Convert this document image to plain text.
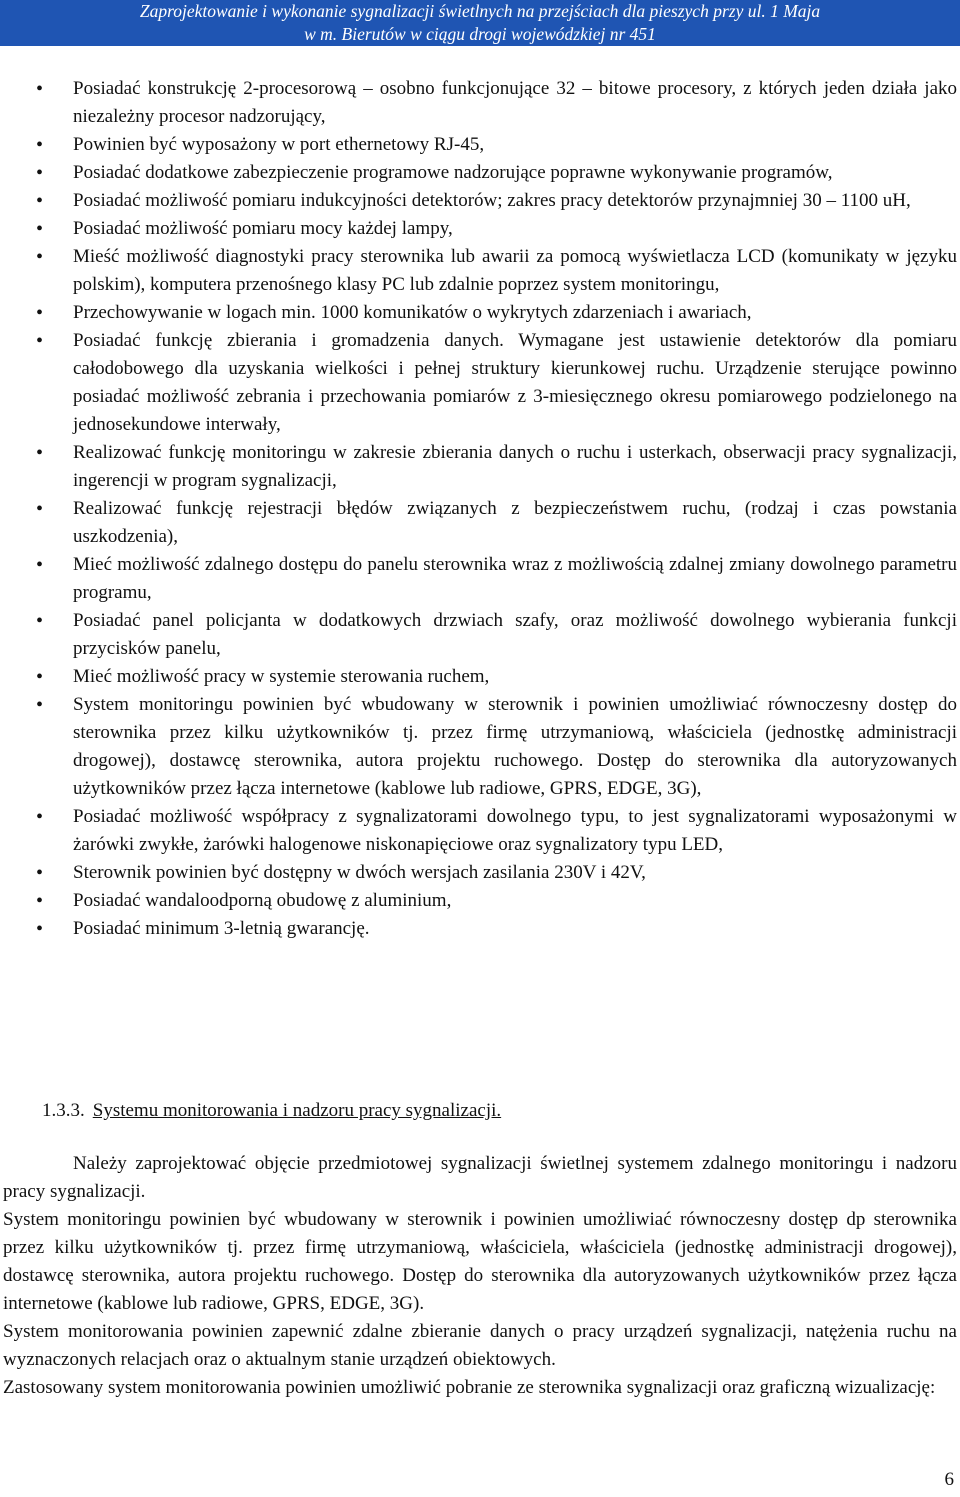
Zaprojektowanie i wykonanie sygnalizacji świetlnych na przejściach dla pieszych przy ul. 1 Maja
w m. Bierutów w ciągu drogi wojewódzkiej nr 451
• Posiadać konstrukcję 2-procesorową – osobno funkcjonujące 32 – bitowe procesory, z których jeden działa jako niezależny procesor nadzorujący,
• Powinien być wyposażony w port ethernetowy RJ-45,
• Posiadać dodatkowe zabezpieczenie programowe nadzorujące poprawne wykonywanie programów,
• Posiadać możliwość pomiaru indukcyjności detektorów; zakres pracy detektorów przynajmniej 30 – 1100 uH,
• Posiadać możliwość pomiaru mocy każdej lampy,
• Mieść możliwość diagnostyki pracy sterownika lub awarii za pomocą wyświetlacza LCD (komunikaty w języku polskim), komputera przenośnego klasy PC lub zdalnie poprzez system monitoringu,
• Przechowywanie w logach min. 1000 komunikatów o wykrytych zdarzeniach i awariach,
• Posiadać funkcję zbierania i gromadzenia danych. Wymagane jest ustawienie detektorów dla pomiaru całodobowego dla uzyskania wielkości i pełnej struktury kierunkowej ruchu. Urządzenie sterujące powinno posiadać możliwość zebrania i przechowania pomiarów z 3-miesięcznego okresu pomiarowego podzielonego na jednosekundowe interwały,
• Realizować funkcję monitoringu w zakresie zbierania danych o ruchu i usterkach, obserwacji pracy sygnalizacji, ingerencji w program sygnalizacji,
• Realizować funkcję rejestracji błędów związanych z bezpieczeństwem ruchu, (rodzaj i czas powstania uszkodzenia),
• Mieć możliwość zdalnego dostępu do panelu sterownika wraz z możliwością zdalnej zmiany dowolnego parametru programu,
• Posiadać panel policjanta w dodatkowych drzwiach szafy, oraz możliwość dowolnego wybierania funkcji przycisków panelu,
• Mieć możliwość pracy w systemie sterowania ruchem,
• System monitoringu powinien być wbudowany w sterownik i powinien umożliwiać równoczesny dostęp do sterownika przez kilku użytkowników tj. przez firmę utrzymaniową, właściciela (jednostkę administracji drogowej), dostawcę sterownika, autora projektu ruchowego. Dostęp do sterownika dla autoryzowanych użytkowników przez łącza internetowe (kablowe lub radiowe, GPRS, EDGE, 3G),
• Posiadać możliwość współpracy z sygnalizatorami dowolnego typu, to jest sygnalizatorami wyposażonymi w żarówki zwykłe, żarówki halogenowe niskonapięciowe oraz sygnalizatory typu LED,
• Sterownik powinien być dostępny w dwóch wersjach zasilania 230V i 42V,
• Posiadać wandaloodporną obudowę z aluminium,
• Posiadać minimum 3-letnią gwarancję.
1.3.3. Systemu monitorowania i nadzoru pracy sygnalizacji.

Należy zaprojektować objęcie przedmiotowej sygnalizacji świetlnej systemem zdalnego monitoringu i nadzoru pracy sygnalizacji.

System monitoringu powinien być wbudowany w sterownik i powinien umożliwiać równoczesny dostęp dp sterownika przez kilku użytkowników tj. przez firmę utrzymaniową, właściciela, właściciela (jednostkę administracji drogowej), dostawcę sterownika, autora projektu ruchowego. Dostęp do sterownika dla autoryzowanych użytkowników przez łącza internetowe (kablowe lub radiowe, GPRS, EDGE, 3G).

System monitorowania powinien zapewnić zdalne zbieranie danych o pracy urządzeń sygnalizacji, natężenia ruchu na wyznaczonych relacjach oraz o aktualnym stanie urządzeń obiektowych.

Zastosowany system monitorowania powinien umożliwić pobranie ze sterownika sygnalizacji oraz graficzną wizualizację:

6
